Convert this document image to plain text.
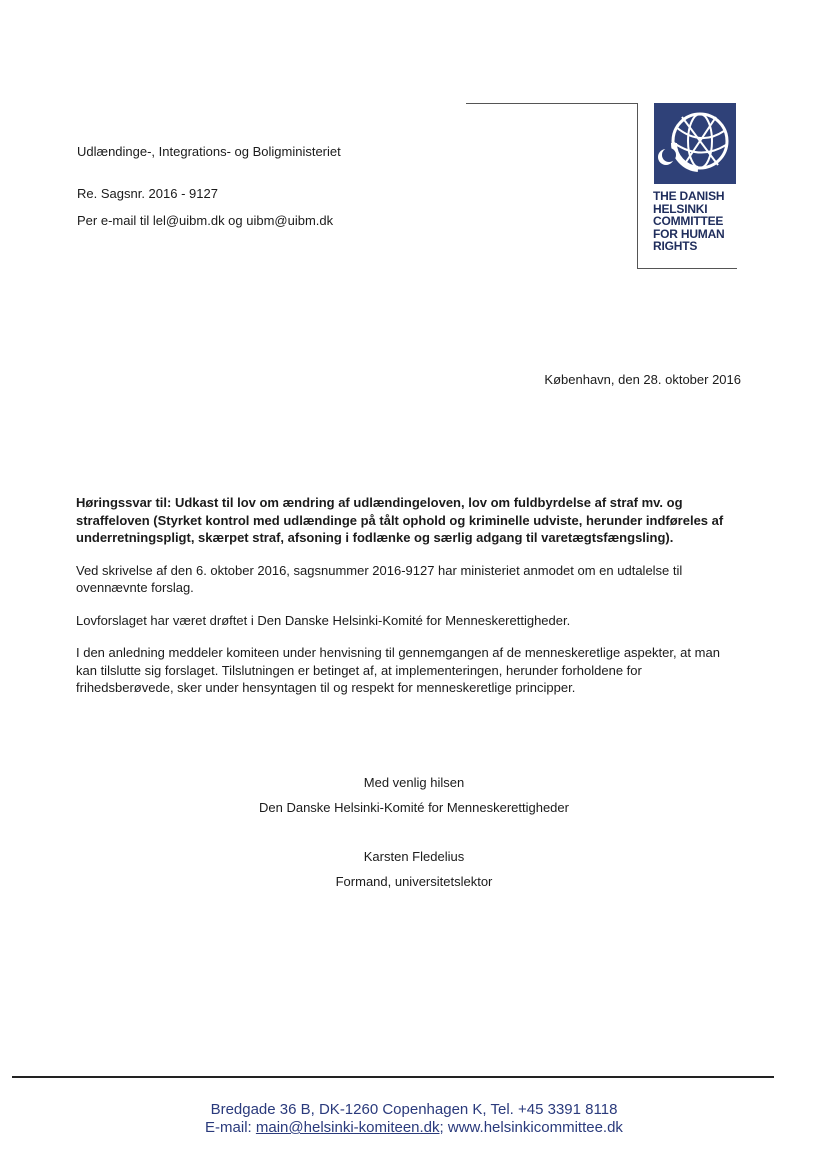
Udlændinge-, Integrations- og Boligministeriet
Re. Sagsnr. 2016 - 9127
Per e-mail til lel@uibm.dk og uibm@uibm.dk
THE DANISH
HELSINKI
COMMITTEE
FOR HUMAN
RIGHTS
København, den 28. oktober 2016

Høringssvar til: Udkast til lov om ændring af udlændingeloven, lov om fuldbyrdelse af straf mv. og straffeloven (Styrket kontrol med udlændinge på tålt ophold og kriminelle udviste, herunder indføreles af underretningspligt, skærpet straf, afsoning i fodlænke og særlig adgang til varetægtsfængsling).

Ved skrivelse af den 6. oktober 2016, sagsnummer 2016-9127 har ministeriet anmodet om en udtalelse til ovennævnte forslag.

Lovforslaget har været drøftet i Den Danske Helsinki-Komité for Menneskerettigheder.

I den anledning meddeler komiteen under henvisning til gennemgangen af de menneskeretlige aspekter, at man kan tilslutte sig forslaget. Tilslutningen er betinget af, at implementeringen, herunder forholdene for frihedsberøvede, sker under hensyntagen til og respekt for menneskeretlige principper.

Med venlig hilsen
Den Danske Helsinki-Komité for Menneskerettigheder
Karsten Fledelius
Formand, universitetslektor
Bredgade 36 B, DK-1260 Copenhagen K, Tel. +45 3391 8118
E-mail: main@helsinki-komiteen.dk; www.helsinkicommittee.dk
